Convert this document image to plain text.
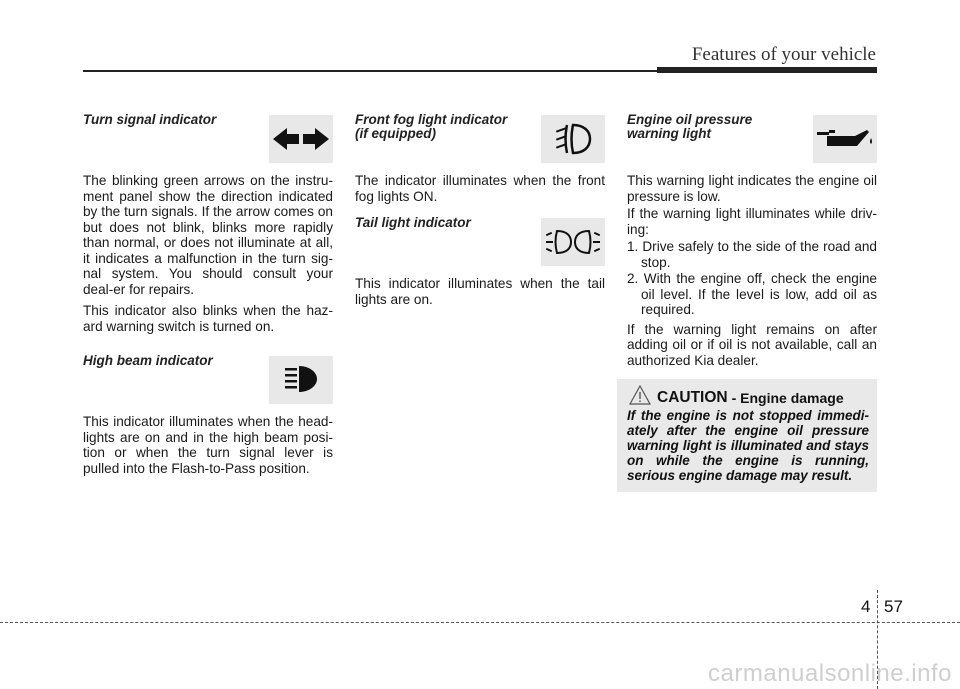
Features of your vehicle
Turn signal indicator

The blinking green arrows on the instru-ment panel show the direction indicated by the turn signals. If the arrow comes on but does not blink, blinks more rapidly than normal, or does not illuminate at all, it indicates a malfunction in the turn sig-nal system. You should consult your deal-er for repairs.

This indicator also blinks when the haz-ard warning switch is turned on.

High beam indicator

This indicator illuminates when the head-lights are on and in the high beam posi-tion or when the turn signal lever is pulled into the Flash-to-Pass position.

Front fog light indicator
(if equipped)

The indicator illuminates when the front fog lights ON.

Tail light indicator

This indicator illuminates when the tail lights are on.

Engine oil pressure
warning light

This warning light indicates the engine oil pressure is low.

If the warning light illuminates while driv-ing:

1. Drive safely to the side of the road and stop.
2. With the engine off, check the engine oil level. If the level is low, add oil as required.

If the warning light remains on after adding oil or if oil is not available, call an authorized Kia dealer.

CAUTION - Engine damage
If the engine is not stopped immedi-ately after the engine oil pressure warning light is illuminated and stays on while the engine is running, serious engine damage may result.
4 57
carmanualsonline.info
